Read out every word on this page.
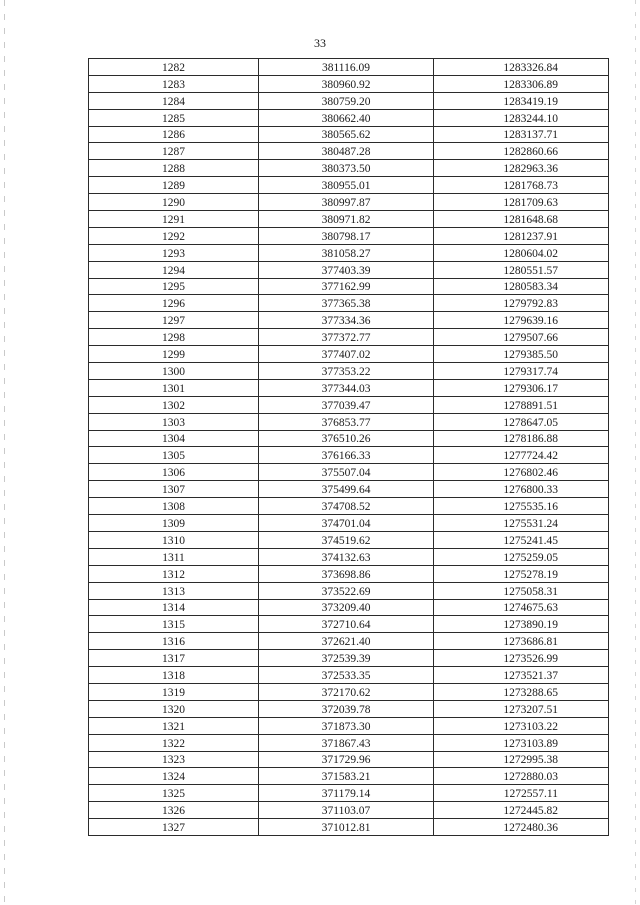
33
1282	381116.09	1283326.84
1283	380960.92	1283306.89
1284	380759.20	1283419.19
1285	380662.40	1283244.10
1286	380565.62	1283137.71
1287	380487.28	1282860.66
1288	380373.50	1282963.36
1289	380955.01	1281768.73
1290	380997.87	1281709.63
1291	380971.82	1281648.68
1292	380798.17	1281237.91
1293	381058.27	1280604.02
1294	377403.39	1280551.57
1295	377162.99	1280583.34
1296	377365.38	1279792.83
1297	377334.36	1279639.16
1298	377372.77	1279507.66
1299	377407.02	1279385.50
1300	377353.22	1279317.74
1301	377344.03	1279306.17
1302	377039.47	1278891.51
1303	376853.77	1278647.05
1304	376510.26	1278186.88
1305	376166.33	1277724.42
1306	375507.04	1276802.46
1307	375499.64	1276800.33
1308	374708.52	1275535.16
1309	374701.04	1275531.24
1310	374519.62	1275241.45
1311	374132.63	1275259.05
1312	373698.86	1275278.19
1313	373522.69	1275058.31
1314	373209.40	1274675.63
1315	372710.64	1273890.19
1316	372621.40	1273686.81
1317	372539.39	1273526.99
1318	372533.35	1273521.37
1319	372170.62	1273288.65
1320	372039.78	1273207.51
1321	371873.30	1273103.22
1322	371867.43	1273103.89
1323	371729.96	1272995.38
1324	371583.21	1272880.03
1325	371179.14	1272557.11
1326	371103.07	1272445.82
1327	371012.81	1272480.36
